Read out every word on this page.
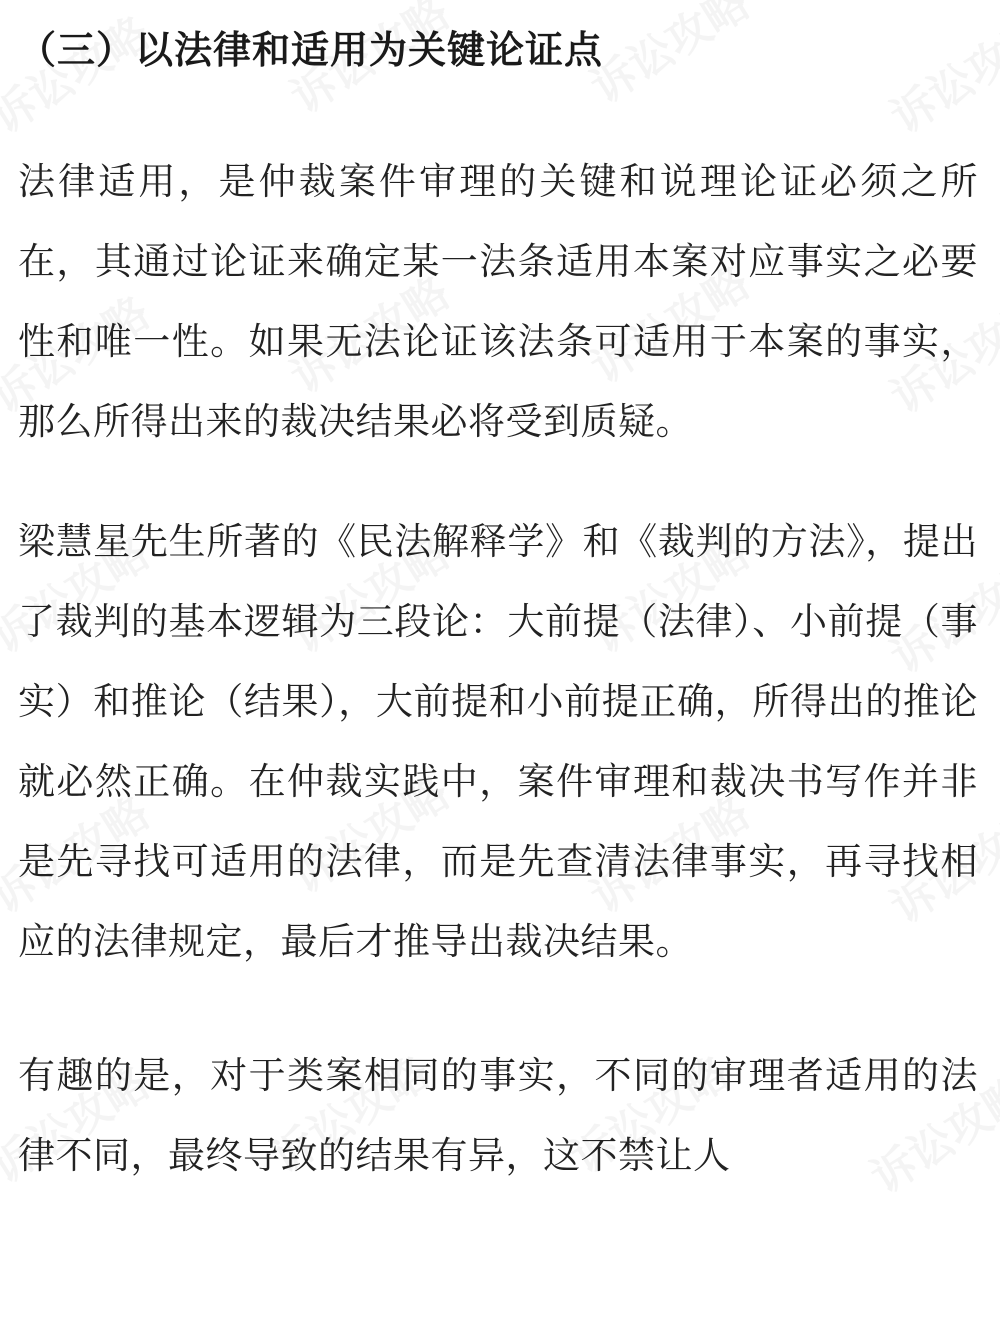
（三）以法律和适用为关键论证点

法律适用，是仲裁案件审理的关键和说理论证必须之所在，其通过论证来确定某一法条适用本案对应事实之必要性和唯一性。如果无法论证该法条可适用于本案的事实，那么所得出来的裁决结果必将受到质疑。

梁慧星先生所著的《民法解释学》和《裁判的方法》，提出了裁判的基本逻辑为三段论：大前提（法律）、小前提（事实）和推论（结果），大前提和小前提正确，所得出的推论就必然正确。在仲裁实践中，案件审理和裁决书写作并非是先寻找可适用的法律，而是先查清法律事实，再寻找相应的法律规定，最后才推导出裁决结果。

有趣的是，对于类案相同的事实，不同的审理者适用的法律不同，最终导致的结果有异，这不禁让人
